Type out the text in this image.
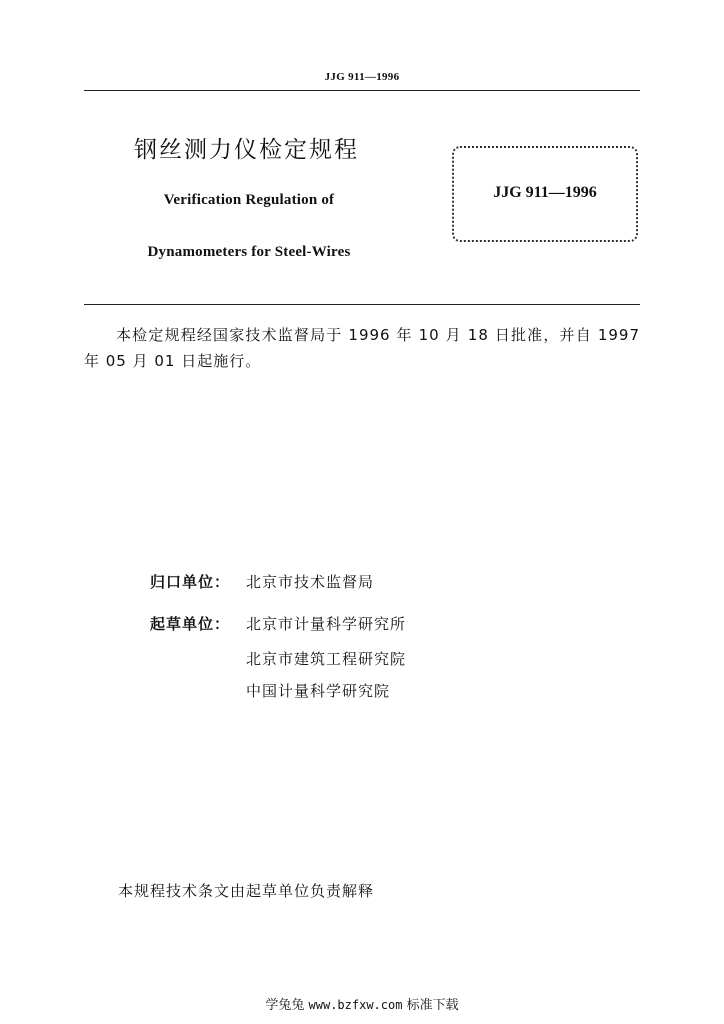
JJG 911—1996
钢丝测力仪检定规程
Verification Regulation of
Dynamometers for Steel-Wires
JJG 911—1996
本检定规程经国家技术监督局于 1996 年 10 月 18 日批准，并自 1997 年 05 月 01 日起施行。
归口单位： 北京市技术监督局
起草单位： 北京市计量科学研究所
北京市建筑工程研究院
中国计量科学研究院
本规程技术条文由起草单位负责解释
学兔兔 www.bzfxw.com 标准下载
